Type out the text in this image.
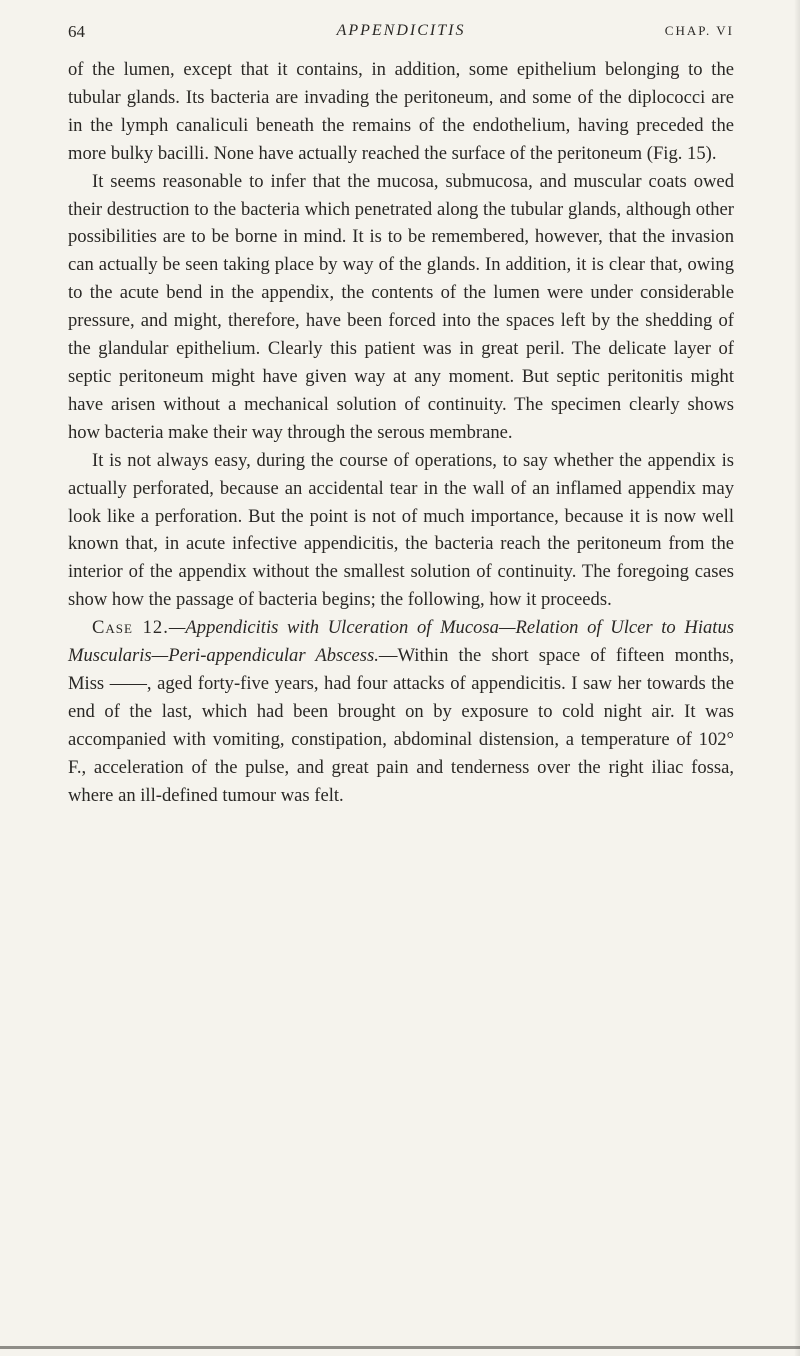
64	APPENDICITIS	CHAP. VI

of the lumen, except that it contains, in addition, some epithelium belonging to the tubular glands. Its bacteria are invading the peritoneum, and some of the diplococci are in the lymph canaliculi beneath the remains of the endothelium, having preceded the more bulky bacilli. None have actually reached the surface of the peritoneum (Fig. 15).

It seems reasonable to infer that the mucosa, submucosa, and muscular coats owed their destruction to the bacteria which penetrated along the tubular glands, although other possibilities are to be borne in mind. It is to be remembered, however, that the invasion can actually be seen taking place by way of the glands. In addition, it is clear that, owing to the acute bend in the appendix, the contents of the lumen were under considerable pressure, and might, therefore, have been forced into the spaces left by the shedding of the glandular epithelium. Clearly this patient was in great peril. The delicate layer of septic peritoneum might have given way at any moment. But septic peritonitis might have arisen without a mechanical solution of continuity. The specimen clearly shows how bacteria make their way through the serous membrane.

It is not always easy, during the course of operations, to say whether the appendix is actually perforated, because an accidental tear in the wall of an inflamed appendix may look like a perforation. But the point is not of much importance, because it is now well known that, in acute infective appendicitis, the bacteria reach the peritoneum from the interior of the appendix without the smallest solution of continuity. The foregoing cases show how the passage of bacteria begins; the following, how it proceeds.

Case 12.—Appendicitis with Ulceration of Mucosa—Relation of Ulcer to Hiatus Muscularis—Peri-appendicular Abscess.—Within the short space of fifteen months, Miss ——, aged forty-five years, had four attacks of appendicitis. I saw her towards the end of the last, which had been brought on by exposure to cold night air. It was accompanied with vomiting, constipation, abdominal distension, a temperature of 102° F., acceleration of the pulse, and great pain and tenderness over the right iliac fossa, where an ill-defined tumour was felt.
